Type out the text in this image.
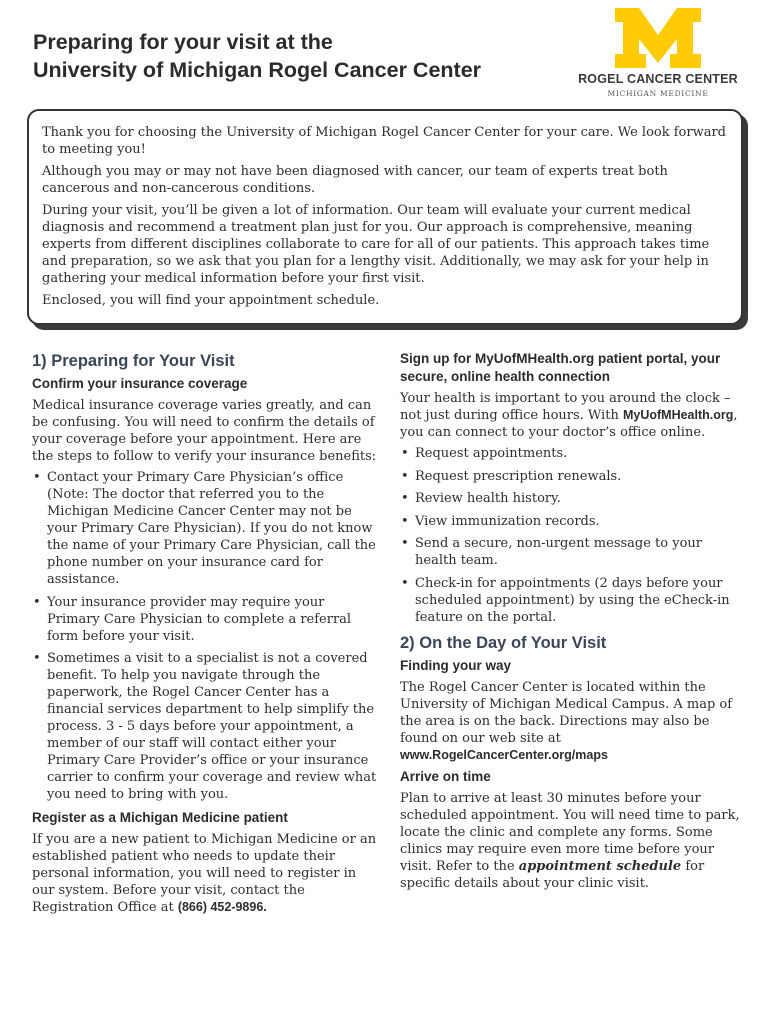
Preparing for your visit at the
University of Michigan Rogel Cancer Center	ROGEL CANCER CENTER
MICHIGAN MEDICINE

Thank you for choosing the University of Michigan Rogel Cancer Center for your care. We look forward to meeting you!

Although you may or may not have been diagnosed with cancer, our team of experts treat both cancerous and non-cancerous conditions.

During your visit, you’ll be given a lot of information. Our team will evaluate your current medical diagnosis and recommend a treatment plan just for you. Our approach is comprehensive, meaning experts from different disciplines collaborate to care for all of our patients. This approach takes time and preparation, so we ask that you plan for a lengthy visit. Additionally, we may ask for your help in gathering your medical information before your first visit.

Enclosed, you will find your appointment schedule.

1) Preparing for Your Visit
Confirm your insurance coverage

Medical insurance coverage varies greatly, and can be confusing. You will need to confirm the details of your coverage before your appointment. Here are the steps to follow to verify your insurance benefits:

• Contact your Primary Care Physician’s office (Note: The doctor that referred you to the Michigan Medicine Cancer Center may not be your Primary Care Physician). If you do not know the name of your Primary Care Physician, call the phone number on your insurance card for assistance.
• Your insurance provider may require your Primary Care Physician to complete a referral form before your visit.
• Sometimes a visit to a specialist is not a covered benefit. To help you navigate through the paperwork, the Rogel Cancer Center has a financial services department to help simplify the process. 3 - 5 days before your appointment, a member of our staff will contact either your Primary Care Provider’s office or your insurance carrier to confirm your coverage and review what you need to bring with you.
Register as a Michigan Medicine patient

If you are a new patient to Michigan Medicine or an established patient who needs to update their personal information, you will need to register in our system. Before your visit, contact the Registration Office at (866) 452-9896.

Sign up for MyUofMHealth.org patient portal, your secure, online health connection

Your health is important to you around the clock – not just during office hours. With MyUofMHealth.org, you can connect to your doctor’s office online.

• Request appointments.
• Request prescription renewals.
• Review health history.
• View immunization records.
• Send a secure, non-urgent message to your health team.
• Check-in for appointments (2 days before your scheduled appointment) by using the eCheck-in feature on the portal.
2) On the Day of Your Visit
Finding your way

The Rogel Cancer Center is located within the University of Michigan Medical Campus. A map of the area is on the back. Directions may also be found on our web site at
www.RogelCancerCenter.org/maps

Arrive on time

Plan to arrive at least 30 minutes before your scheduled appointment. You will need time to park, locate the clinic and complete any forms. Some clinics may require even more time before your visit. Refer to the appointment schedule for specific details about your clinic visit.
